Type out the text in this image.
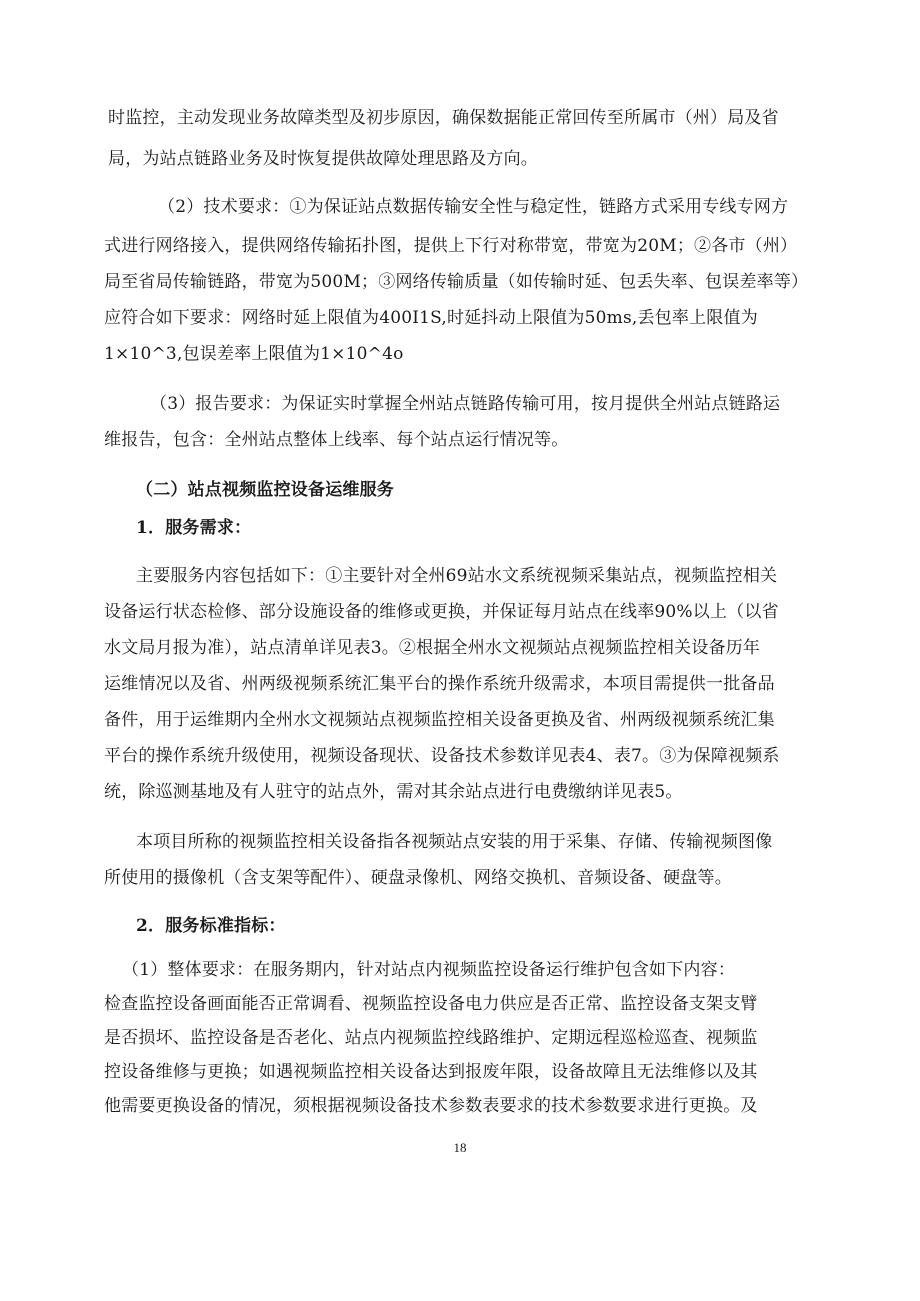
时监控，主动发现业务故障类型及初步原因，确保数据能正常回传至所属市（州）局及省
局，为站点链路业务及时恢复提供故障处理思路及方向。
（2）技术要求：①为保证站点数据传输安全性与稳定性，链路方式采用专线专网方
式进行网络接入，提供网络传输拓扑图，提供上下行对称带宽，带宽为20M；②各市（州）
局至省局传输链路，带宽为500M；③网络传输质量（如传输时延、包丢失率、包误差率等）
应符合如下要求：网络时延上限值为400I1S,时延抖动上限值为50ms,丢包率上限值为
1×10^3,包误差率上限值为1×10^4o
（3）报告要求：为保证实时掌握全州站点链路传输可用，按月提供全州站点链路运
维报告，包含：全州站点整体上线率、每个站点运行情况等。
（二）站点视频监控设备运维服务
1．服务需求：
主要服务内容包括如下：①主要针对全州69站水文系统视频采集站点，视频监控相关
设备运行状态检修、部分设施设备的维修或更换，并保证每月站点在线率90%以上（以省
水文局月报为准），站点清单详见表3。②根据全州水文视频站点视频监控相关设备历年
运维情况以及省、州两级视频系统汇集平台的操作系统升级需求，本项目需提供一批备品
备件，用于运维期内全州水文视频站点视频监控相关设备更换及省、州两级视频系统汇集
平台的操作系统升级使用，视频设备现状、设备技术参数详见表4、表7。③为保障视频系
统，除巡测基地及有人驻守的站点外，需对其余站点进行电费缴纳详见表5。
本项目所称的视频监控相关设备指各视频站点安装的用于采集、存储、传输视频图像
所使用的摄像机（含支架等配件）、硬盘录像机、网络交换机、音频设备、硬盘等。
2．服务标准指标：
（1）整体要求：在服务期内，针对站点内视频监控设备运行维护包含如下内容：
检查监控设备画面能否正常调看、视频监控设备电力供应是否正常、监控设备支架支臂
是否损坏、监控设备是否老化、站点内视频监控线路维护、定期远程巡检巡查、视频监
控设备维修与更换；如遇视频监控相关设备达到报废年限，设备故障且无法维修以及其
他需要更换设备的情况，须根据视频设备技术参数表要求的技术参数要求进行更换。及
18
